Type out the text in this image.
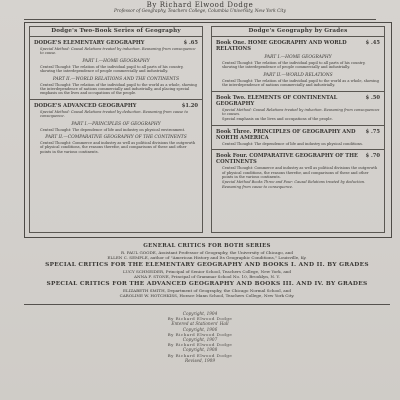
By Richard Elwood Dodge
Professor of Geography, Teachers College, Columbia University, New York City
Dodge's Two-Book Series of Geography
DODGE'S ELEMENTARY GEOGRAPHY	$ .65
Special Method: Causal Relations treated by induction. Reasoning from consequence to cause.
PART I.—HOME GEOGRAPHY
Central Thought: The relation of the individual pupil to all parts of his country, showing the interdependence of people commercially and industrially.
PART II.—WORLD RELATIONS AND THE CONTINENTS
Central Thought: The relation of the individual pupil to the world as a whole, showing the interdependence of nations commercially and industrially, and placing special emphasis on the lives and occupations of the people.
DODGE'S ADVANCED GEOGRAPHY	$1.20
Special Method: Causal Relations treated by deduction. Reasoning from cause to consequence.
PART I.—PRINCIPLES OF GEOGRAPHY
Central Thought: The dependence of life and industry on physical environment.
PART II.—COMPARATIVE GEOGRAPHY OF THE CONTINENTS
Central Thought: Commerce and industry as well as political divisions the outgrowth of physical conditions, the reasons therefor, and comparisons of these and other points in the various continents.
Dodge's Geography by Grades
Book One. HOME GEOGRAPHY AND WORLD RELATIONS
$ .45
PART I.—HOME GEOGRAPHY
Central Thought: The relation of the individual pupil to all parts of his country, showing the interdependence of people commercially and industrially.
PART II.—WORLD RELATIONS
Central Thought: The relation of the individual pupil to the world as a whole, showing the interdependence of nations commercially and industrially.
Book Two. ELEMENTS OF CONTINENTAL GEOGRAPHY
$ .50
Special Method: Causal Relations treated by induction. Reasoning from consequences to causes.
Special emphasis on the lives and occupations of the people.
Book Three. PRINCIPLES OF GEOGRAPHY AND NORTH AMERICA
$ .75
Central Thought: The dependence of life and industry on physical conditions.
Book Four. COMPARATIVE GEOGRAPHY OF THE CONTINENTS
$ .70
Central Thought: Commerce and industry as well as political divisions the outgrowth of physical conditions, the reasons therefor, and comparisons of these and other points in the various continents.
Special Method Books Three and Four: Causal Relations treated by deduction. Reasoning from cause to consequence.
GENERAL CRITICS FOR BOTH SERIES
R. PAUL GOODE, Assistant Professor of Geography, the University of Chicago, and
ELLEN C. SEMPLE, author of "American History and Its Geographic Conditions," Louisville, Ky.
SPECIAL CRITICS FOR THE ELEMENTARY GEOGRAPHY AND BOOKS I. AND II. BY GRADES
LUCY SCHNEIDER, Principal of Senior School, Teachers College, New York, and
ANNA F. STONE, Principal of Grammar School No. 10, Brooklyn, N. Y.
SPECIAL CRITICS FOR THE ADVANCED GEOGRAPHY AND BOOKS III. AND IV. BY GRADES
ELIZABETH SMITH, Department of Geography, the Chicago Normal School, and
CAROLINE W. HOTCHKISS, Horace Mann School, Teachers College, New York City.
Copyright, 1904
By Richard Elwood Dodge
Entered at Stationers' Hall
Copyright, 1906
By Richard Elwood Dodge
Copyright, 1907
By Richard Elwood Dodge
Copyright, 1908
By Richard Elwood Dodge
Revised, 1909
